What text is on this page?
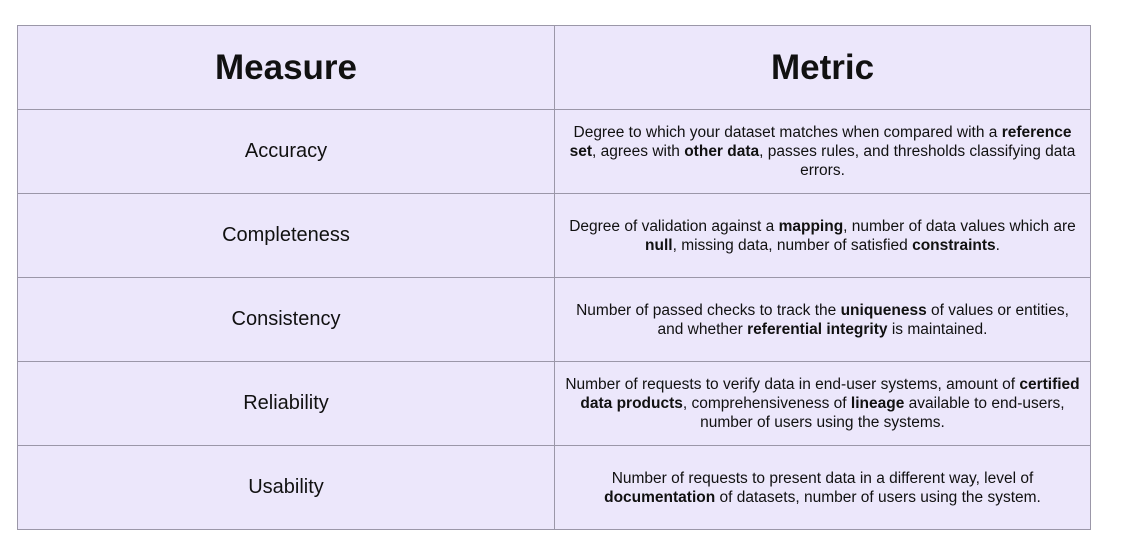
Measure	Metric
Accuracy	Degree to which your dataset matches when compared with a reference set, agrees with other data, passes rules, and thresholds classifying data errors.
Completeness	Degree of validation against a mapping, number of data values which are null, missing data, number of satisfied constraints.
Consistency	Number of passed checks to track the uniqueness of values or entities, and whether referential integrity is maintained.
Reliability	Number of requests to verify data in end-user systems, amount of certified data products, comprehensiveness of lineage available to end-users, number of users using the systems.
Usability	Number of requests to present data in a different way, level of documentation of datasets, number of users using the system.
